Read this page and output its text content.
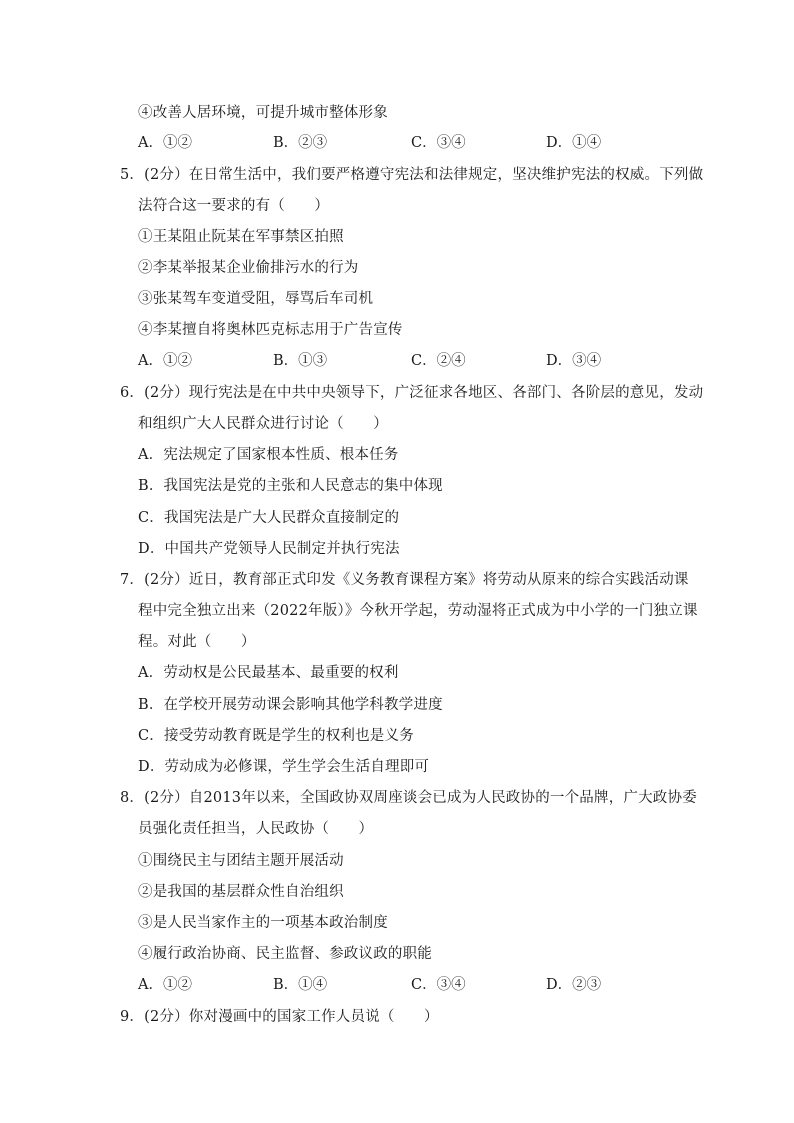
④改善人居环境，可提升城市整体形象
A．①②	B．②③	C．③④	D．①④
5．(2分）在日常生活中，我们要严格遵守宪法和法律规定，坚决维护宪法的权威。下列做
法符合这一要求的有（　　）
①王某阻止阮某在军事禁区拍照
②李某举报某企业偷排污水的行为
③张某驾车变道受阻，辱骂后车司机
④李某擅自将奥林匹克标志用于广告宣传
A．①②	B．①③	C．②④	D．③④
6．(2分）现行宪法是在中共中央领导下，广泛征求各地区、各部门、各阶层的意见，发动
和组织广大人民群众进行讨论（　　）
A．宪法规定了国家根本性质、根本任务
B．我国宪法是党的主张和人民意志的集中体现
C．我国宪法是广大人民群众直接制定的
D．中国共产党领导人民制定并执行宪法
7．(2分）近日，教育部正式印发《义务教育课程方案》将劳动从原来的综合实践活动课
程中完全独立出来（2022年版）》今秋开学起，劳动湿将正式成为中小学的一门独立课
程。对此（　　）
A．劳动权是公民最基本、最重要的权利
B．在学校开展劳动课会影响其他学科教学进度
C．接受劳动教育既是学生的权利也是义务
D．劳动成为必修课，学生学会生活自理即可
8．(2分）自2013年以来，全国政协双周座谈会已成为人民政协的一个品牌，广大政协委
员强化责任担当，人民政协（　　）
①围绕民主与团结主题开展活动
②是我国的基层群众性自治组织
③是人民当家作主的一项基本政治制度
④履行政治协商、民主监督、参政议政的职能
A．①②	B．①④	C．③④	D．②③
9．(2分）你对漫画中的国家工作人员说（　　）
